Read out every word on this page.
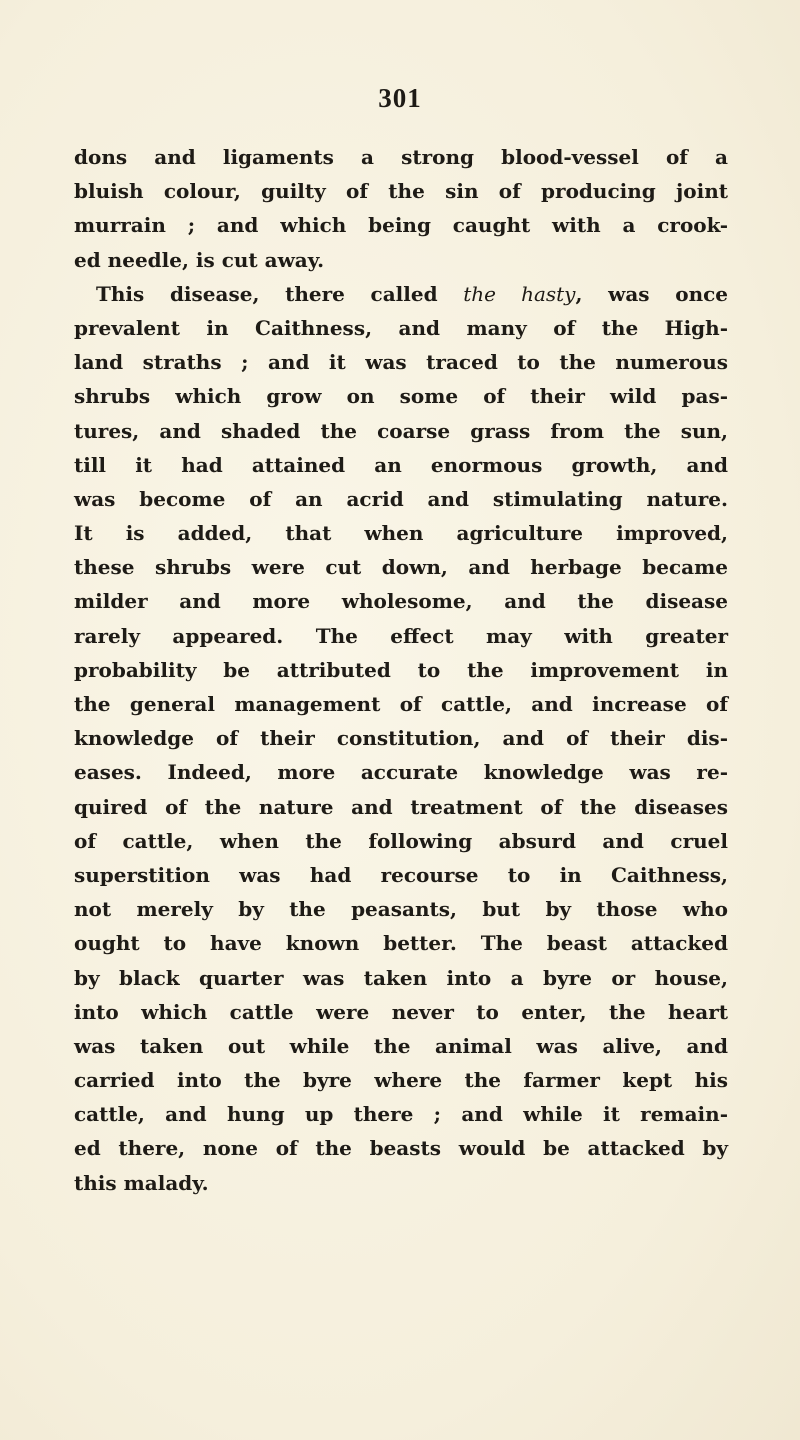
301
dons and ligaments a strong blood-vessel of a
bluish colour, guilty of the sin of producing joint
murrain ; and which being caught with a crook-
ed needle, is cut away.
This disease, there called the hasty, was once
prevalent in Caithness, and many of the High-
land straths ; and it was traced to the numerous
shrubs which grow on some of their wild pas-
tures, and shaded the coarse grass from the sun,
till it had attained an enormous growth, and
was become of an acrid and stimulating nature.
It is added, that when agriculture improved,
these shrubs were cut down, and herbage became
milder and more wholesome, and the disease
rarely appeared. The effect may with greater
probability be attributed to the improvement in
the general management of cattle, and increase of
knowledge of their constitution, and of their dis-
eases. Indeed, more accurate knowledge was re-
quired of the nature and treatment of the diseases
of cattle, when the following absurd and cruel
superstition was had recourse to in Caithness,
not merely by the peasants, but by those who
ought to have known better. The beast attacked
by black quarter was taken into a byre or house,
into which cattle were never to enter, the heart
was taken out while the animal was alive, and
carried into the byre where the farmer kept his
cattle, and hung up there ; and while it remain-
ed there, none of the beasts would be attacked by
this malady.
